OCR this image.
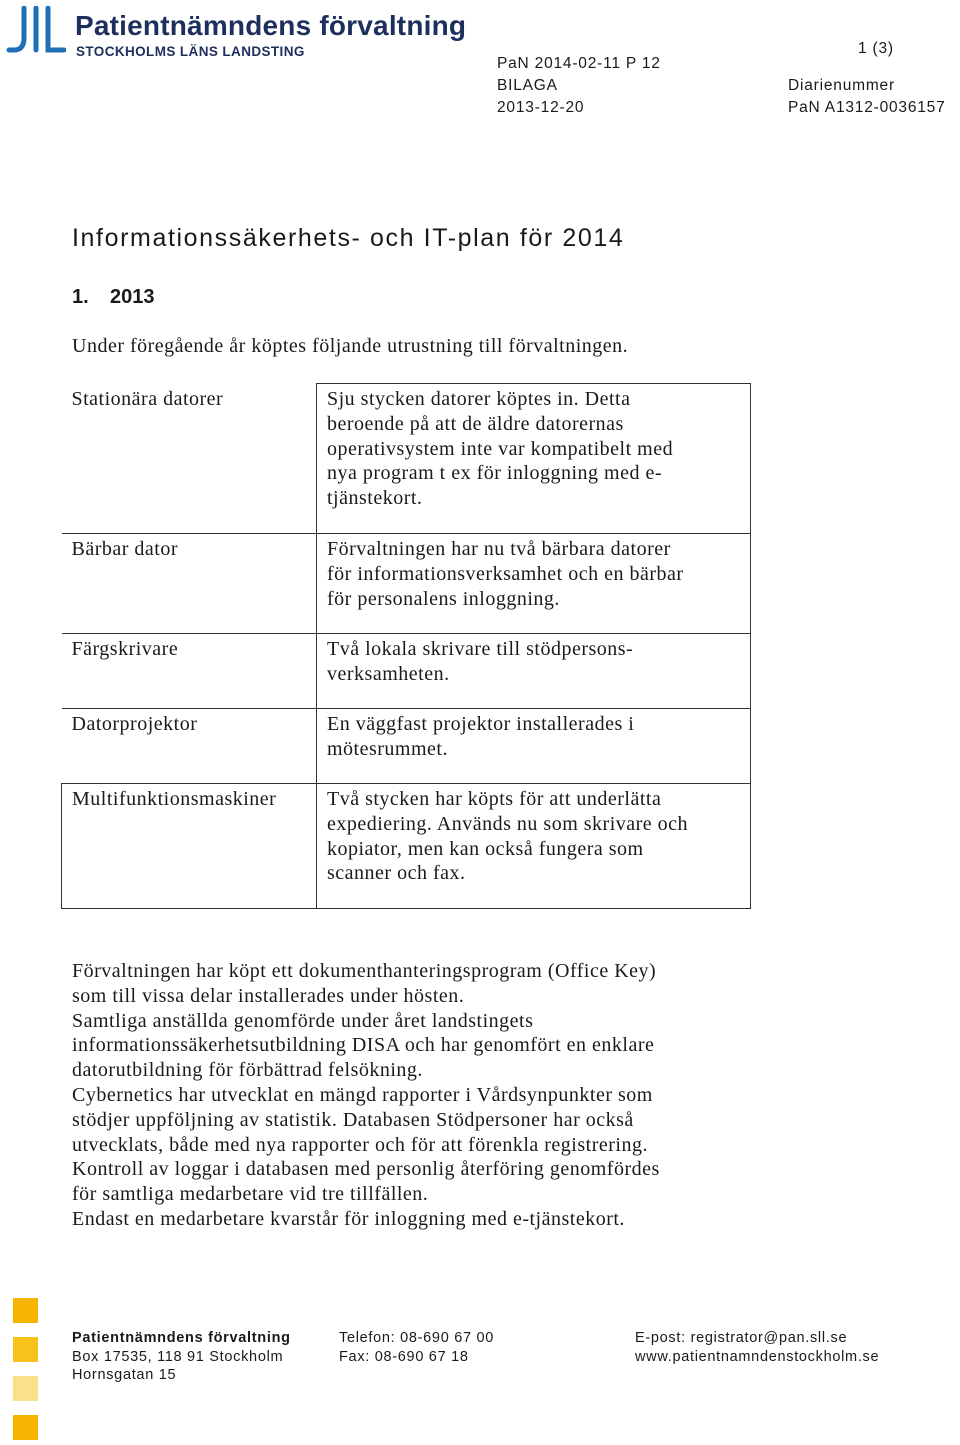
Patientnämndens förvaltning
STOCKHOLMS LÄNS LANDSTING	1 (3)
PaN 2014-02-11 P 12
BILAGA
2013-12-20
Diarienummer
PaN A1312-0036157
Informationssäkerhets- och IT-plan för 2014
1. 2013
Under föregående år köptes följande utrustning till förvaltningen.
Stationära datorer	Sju stycken datorer köptes in. Detta
beroende på att de äldre datorernas
operativsystem inte var kompatibelt med
nya program t ex för inloggning med e-
tjänstekort.

Bärbar dator	Förvaltningen har nu två bärbara datorer
för informationsverksamhet och en bärbar
för personalens inloggning.

Färgskrivare	Två lokala skrivare till stödpersons-
verksamheten.

Datorprojektor	En väggfast projektor installerades i
mötesrummet.

Multifunktionsmaskiner	Två stycken har köpts för att underlätta
expediering. Används nu som skrivare och
kopiator, men kan också fungera som
scanner och fax.

Förvaltningen har köpt ett dokumenthanteringsprogram (Office Key)

som till vissa delar installerades under hösten.

Samtliga anställda genomförde under året landstingets

informationssäkerhetsutbildning DISA och har genomfört en enklare

datorutbildning för förbättrad felsökning.

Cybernetics har utvecklat en mängd rapporter i Vårdsynpunkter som

stödjer uppföljning av statistik. Databasen Stödpersoner har också

utvecklats, både med nya rapporter och för att förenkla registrering.

Kontroll av loggar i databasen med personlig återföring genomfördes

för samtliga medarbetare vid tre tillfällen.

Endast en medarbetare kvarstår för inloggning med e-tjänstekort.

Patientnämndens förvaltning
Box 17535, 118 91 Stockholm
Hornsgatan 15
Telefon: 08-690 67 00
Fax: 08-690 67 18
E-post: registrator@pan.sll.se
www.patientnamndenstockholm.se
